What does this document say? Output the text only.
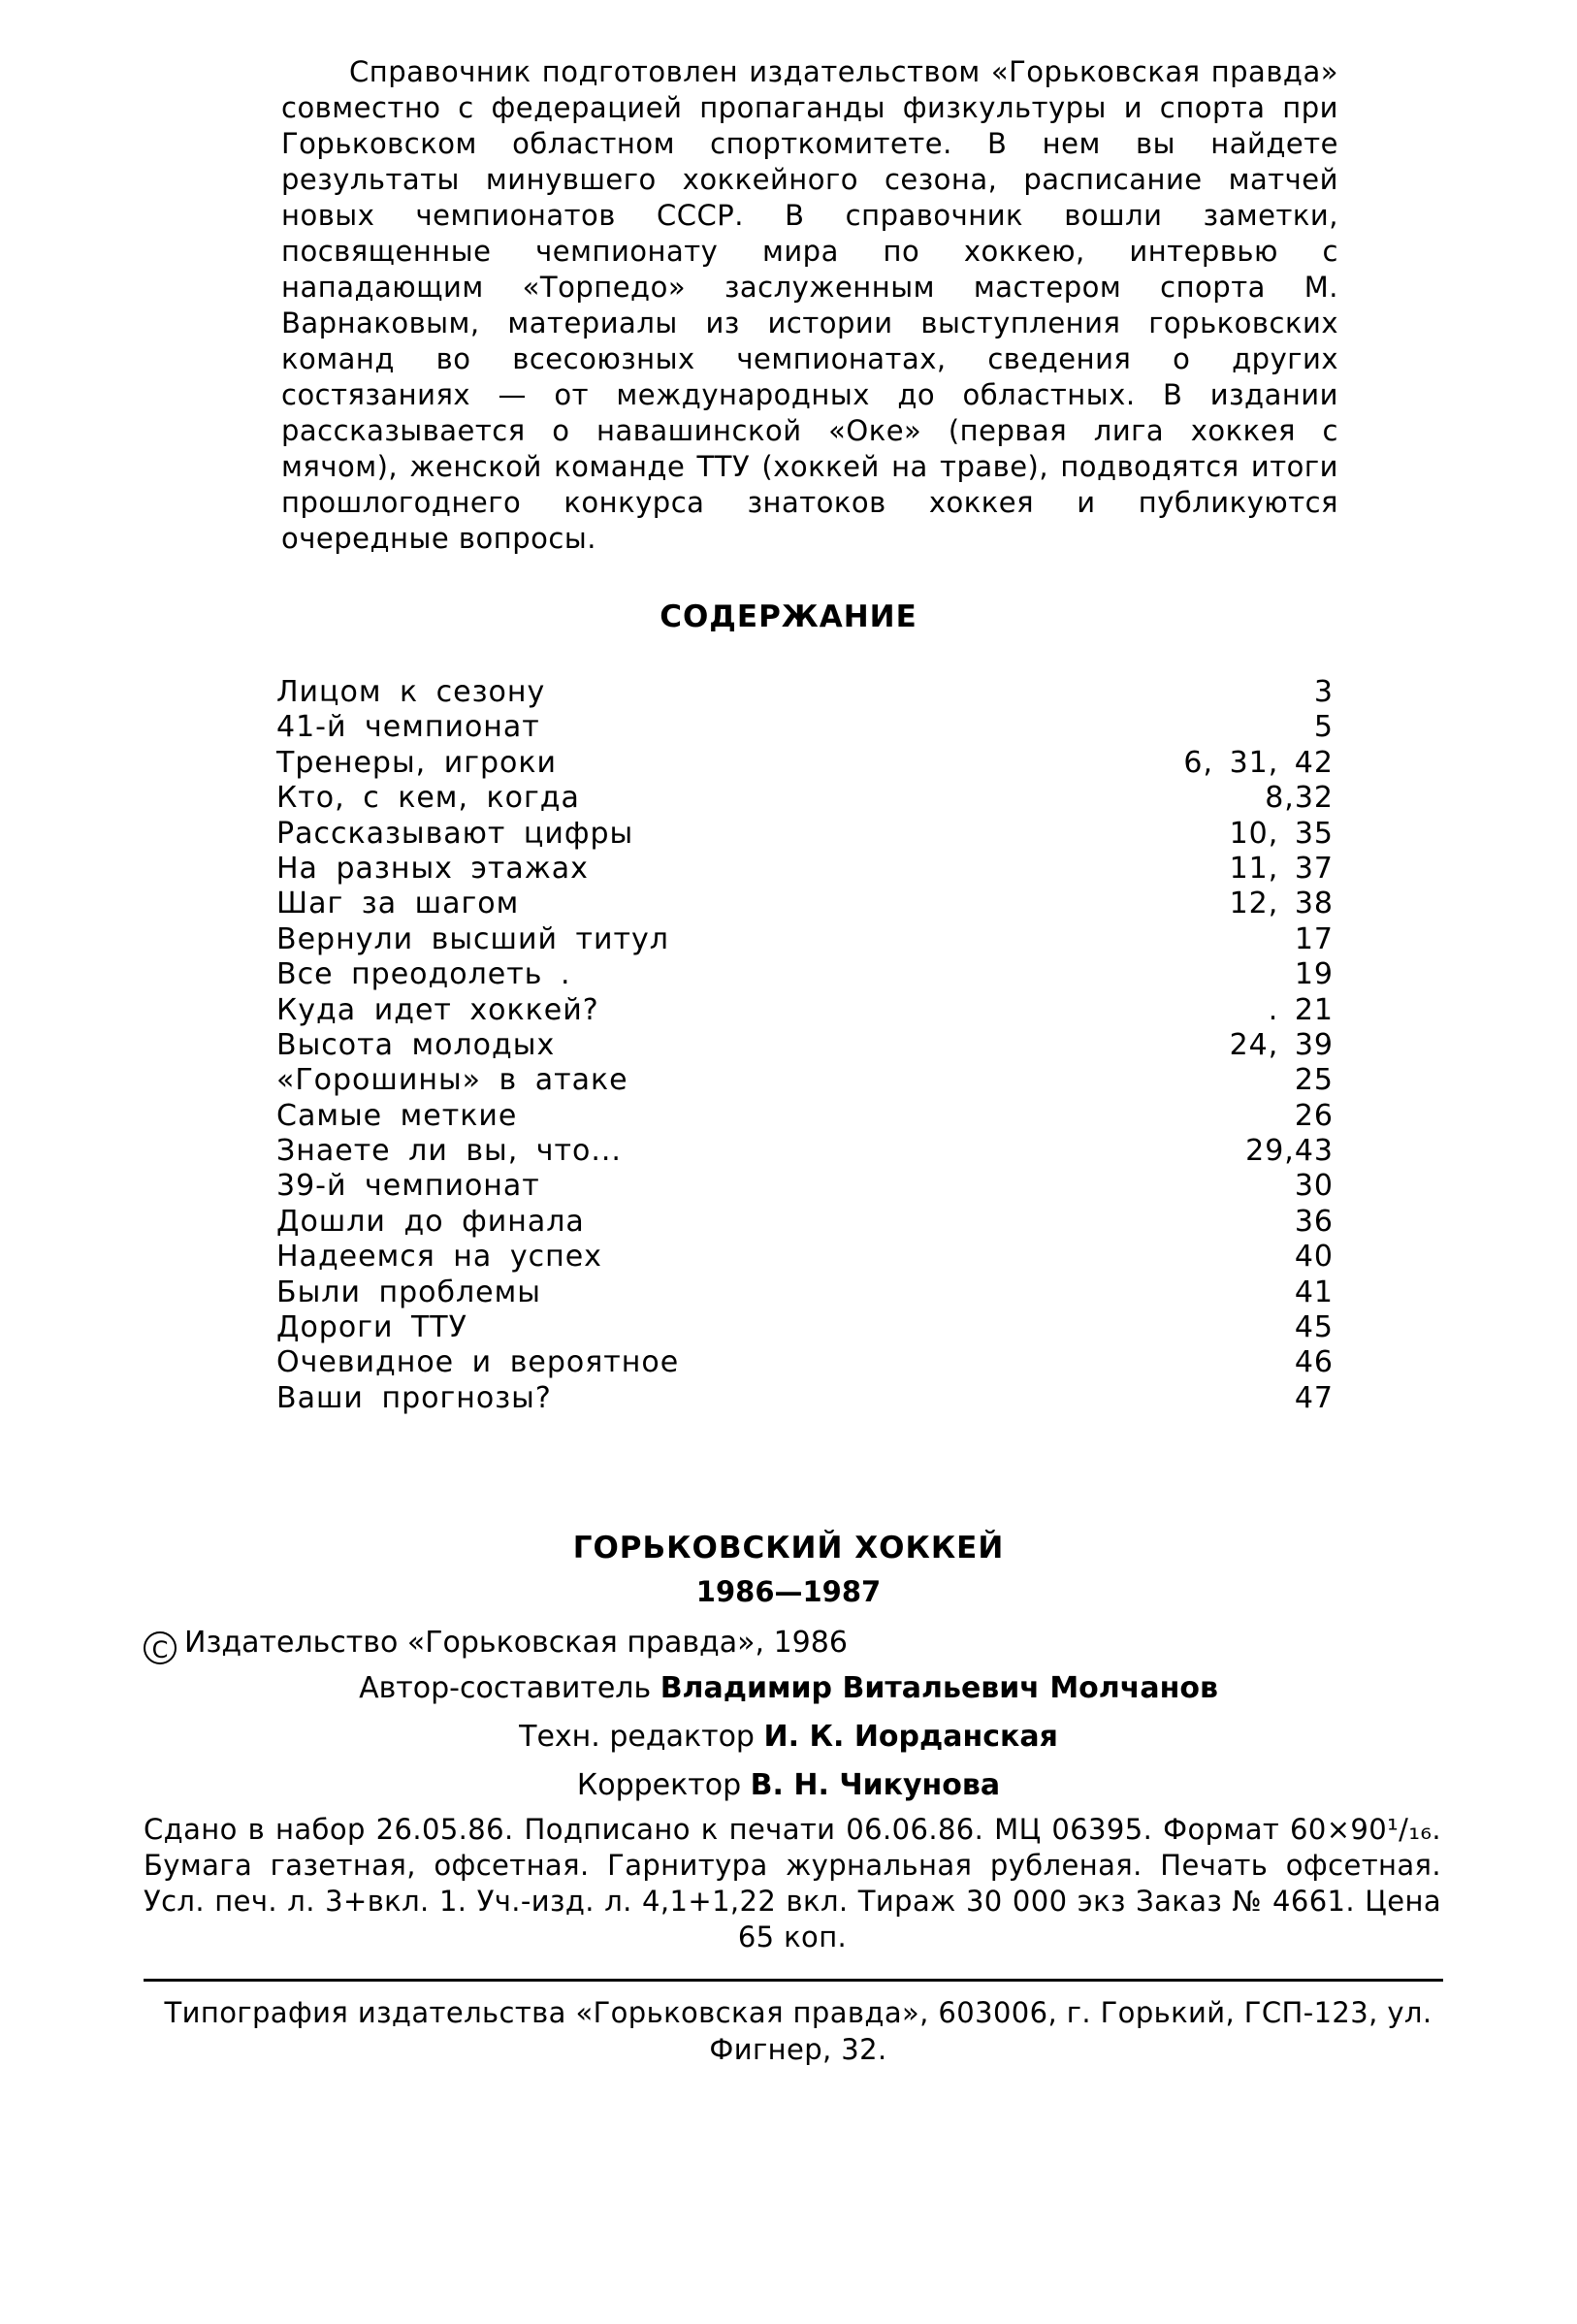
Справочник подготовлен издательством «Горьковская правда» совместно с федерацией пропаганды физкультуры и спорта при Горьковском областном спорткомитете. В нем вы найдете результаты минувшего хоккейного сезона, расписание матчей новых чемпионатов СССР. В справочник вошли заметки, посвященные чемпионату мира по хоккею, интервью с нападающим «Торпедо» заслуженным мастером спорта М. Варнаковым, материалы из истории выступления горьковских команд во всесоюзных чемпионатах, сведения о других состязаниях — от международных до областных. В издании рассказывается о навашинской «Оке» (первая лига хоккея с мячом), женской команде ТТУ (хоккей на траве), подводятся итоги прошлогоднего конкурса знатоков хоккея и публикуются очередные вопросы.

СОДЕРЖАНИЕ
Лицом к сезону	3
41-й чемпионат	5
Тренеры, игроки	6, 31, 42
Кто, с кем, когда	8,32
Рассказывают цифры	10, 35
На разных этажах	11, 37
Шаг за шагом	12, 38
Вернули высший титул	17
Все преодолеть .	19
Куда идет хоккей?	. 21
Высота молодых	24, 39
«Горошины» в атаке	25
Самые меткие	26
Знаете ли вы, что...	29,43
39-й чемпионат	30
Дошли до финала	36
Надеемся на успех	40
Были проблемы	41
Дороги ТТУ	45
Очевидное и вероятное	46
Ваши прогнозы?	47
ГОРЬКОВСКИЙ ХОККЕЙ
1986—1987
C Издательство «Горьковская правда», 1986
Автор-составитель Владимир Витальевич Молчанов
Техн. редактор И. К. Иорданская
Корректор В. Н. Чикунова

Сдано в набор 26.05.86. Подписано к печати 06.06.86. МЦ 06395. Формат 60×90¹/₁₆. Бумага газетная, офсетная. Гарнитура журнальная рубленая. Печать офсетная. Усл. печ. л. 3+вкл. 1. Уч.-изд. л. 4,1+1,22 вкл. Тираж 30 000 экз Заказ № 4661. Цена 65 коп.

Типография издательства «Горьковская правда», 603006, г. Горький, ГСП-123, ул. Фигнер, 32.
